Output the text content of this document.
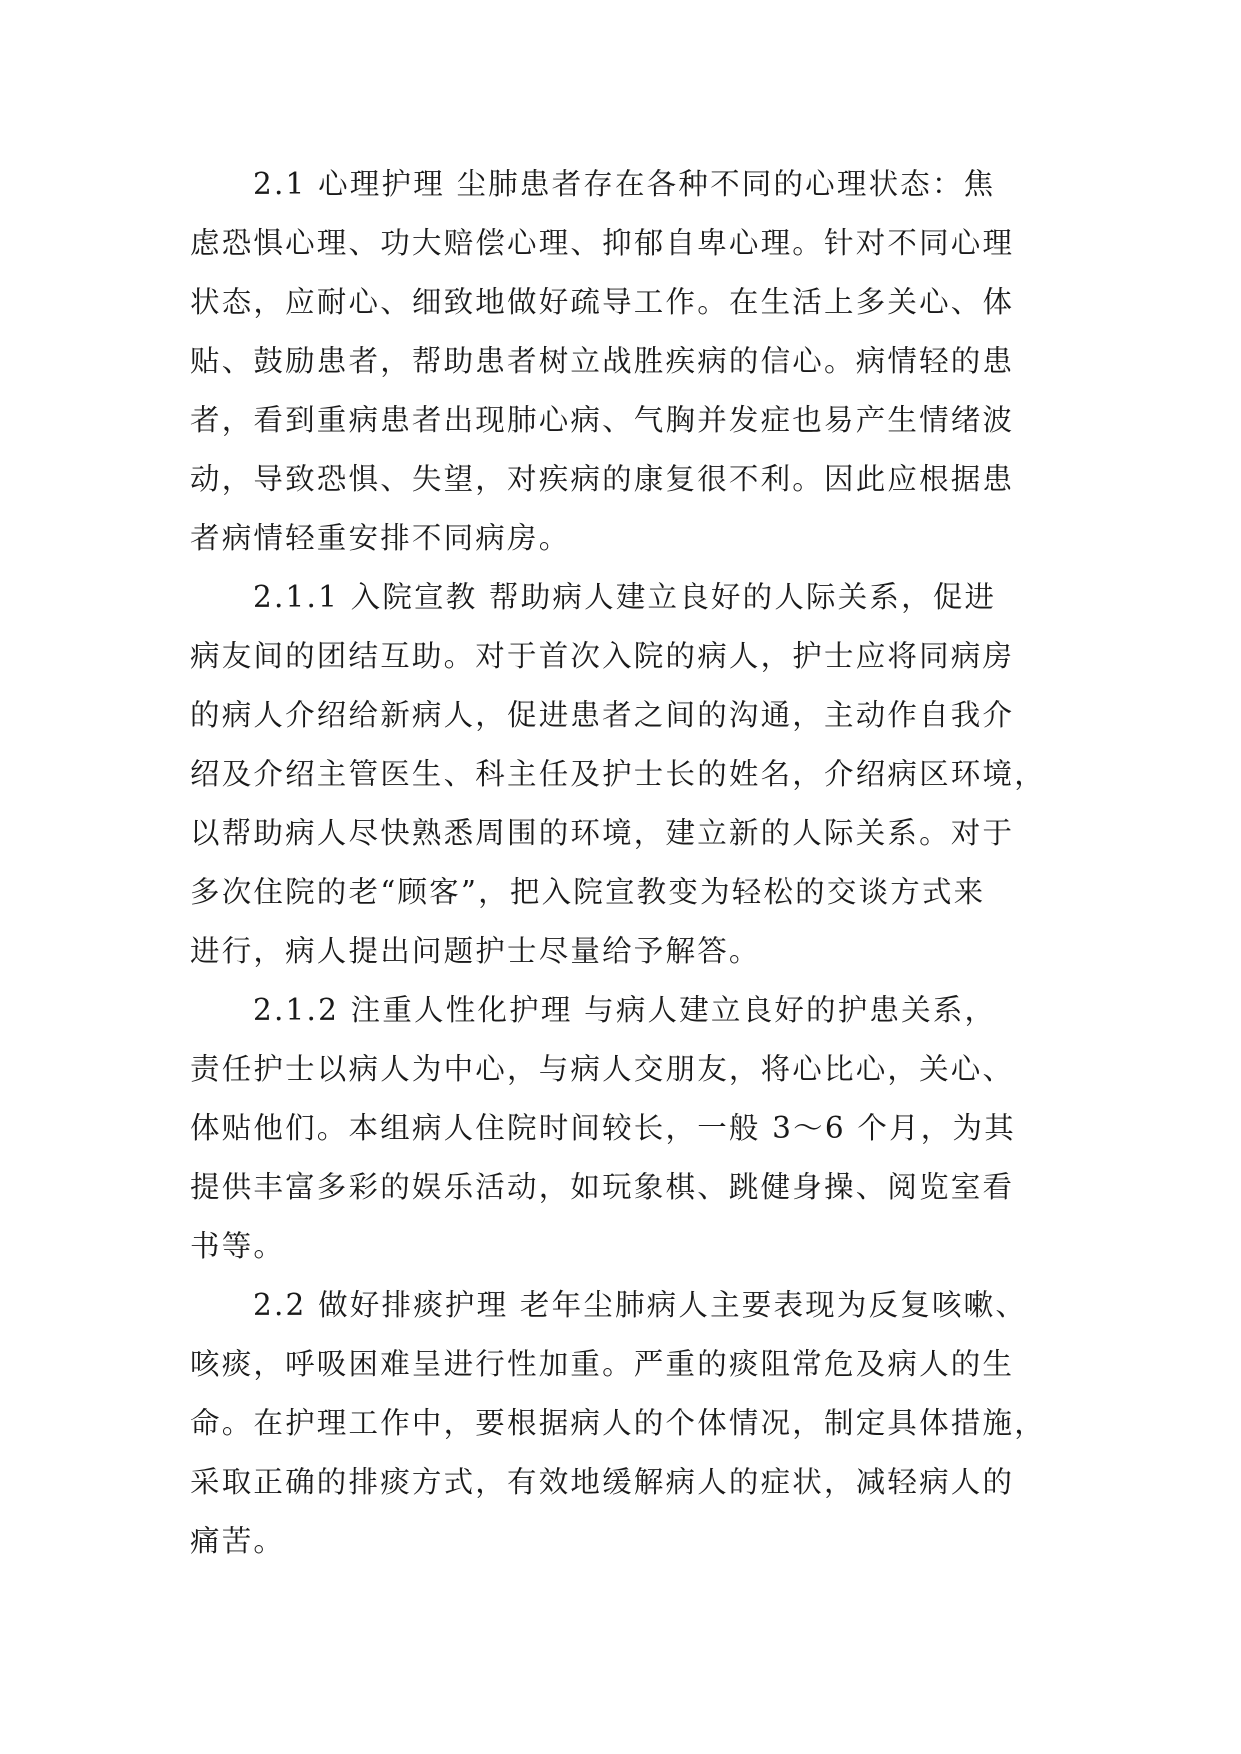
2.1 心理护理 尘肺患者存在各种不同的心理状态：焦
虑恐惧心理、功大赔偿心理、抑郁自卑心理。针对不同心理
状态，应耐心、细致地做好疏导工作。在生活上多关心、体
贴、鼓励患者，帮助患者树立战胜疾病的信心。病情轻的患
者，看到重病患者出现肺心病、气胸并发症也易产生情绪波
动，导致恐惧、失望，对疾病的康复很不利。因此应根据患
者病情轻重安排不同病房。
2.1.1 入院宣教 帮助病人建立良好的人际关系，促进
病友间的团结互助。对于首次入院的病人，护士应将同病房
的病人介绍给新病人，促进患者之间的沟通，主动作自我介
绍及介绍主管医生、科主任及护士长的姓名，介绍病区环境，
以帮助病人尽快熟悉周围的环境，建立新的人际关系。对于
多次住院的老“顾客”，把入院宣教变为轻松的交谈方式来
进行，病人提出问题护士尽量给予解答。
2.1.2 注重人性化护理 与病人建立良好的护患关系，
责任护士以病人为中心，与病人交朋友，将心比心，关心、
体贴他们。本组病人住院时间较长，一般 3～6 个月，为其
提供丰富多彩的娱乐活动，如玩象棋、跳健身操、阅览室看
书等。
2.2 做好排痰护理 老年尘肺病人主要表现为反复咳嗽、
咳痰，呼吸困难呈进行性加重。严重的痰阻常危及病人的生
命。在护理工作中，要根据病人的个体情况，制定具体措施，
采取正确的排痰方式，有效地缓解病人的症状，减轻病人的
痛苦。
